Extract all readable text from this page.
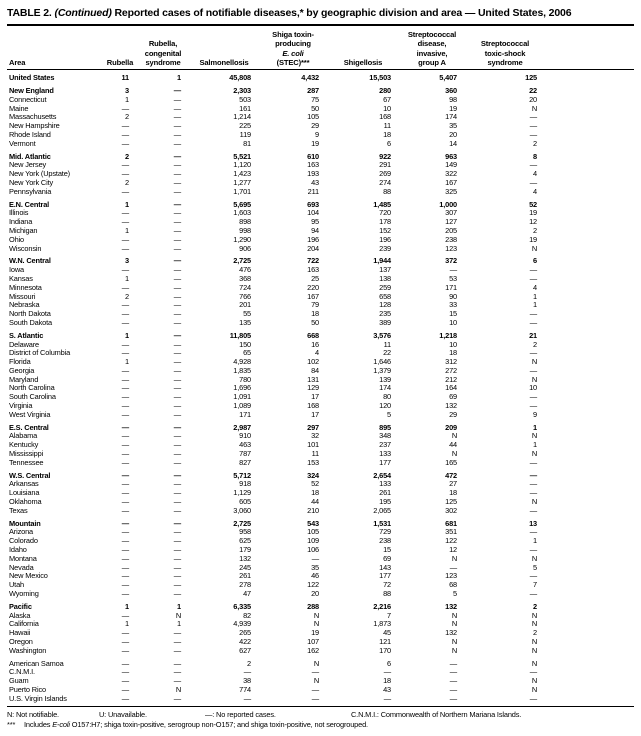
TABLE 2. (Continued) Reported cases of notifiable diseases,* by geographic division and area — United States, 2006
Area	Rubella	Rubella,
congenital
syndrome	Salmonellosis	Shiga toxin-
producing
E. coli
(STEC)***	Shigellosis	Streptococcal
disease,
invasive,
group A	Streptococcal
toxic-shock
syndrome	
United States	11	1	45,808	4,432	15,503	5,407	125	
New England	3	—	2,303	287	280	360	22	
Connecticut	1	—	503	75	67	98	20	
Maine	—	—	161	50	10	19	N	
Massachusetts	2	—	1,214	105	168	174	—	
New Hampshire	—	—	225	29	11	35	—	
Rhode Island	—	—	119	9	18	20	—	
Vermont	—	—	81	19	6	14	2	
Mid. Atlantic	2	—	5,521	610	922	963	8	
New Jersey	—	—	1,120	163	291	149	—	
New York (Upstate)	—	—	1,423	193	269	322	4	
New York City	2	—	1,277	43	274	167	—	
Pennsylvania	—	—	1,701	211	88	325	4	
E.N. Central	1	—	5,695	693	1,485	1,000	52	
Illinois	—	—	1,603	104	720	307	19	
Indiana	—	—	898	95	178	127	12	
Michigan	1	—	998	94	152	205	2	
Ohio	—	—	1,290	196	196	238	19	
Wisconsin	—	—	906	204	239	123	N	
W.N. Central	3	—	2,725	722	1,944	372	6	
Iowa	—	—	476	163	137	—	—	
Kansas	1	—	368	25	138	53	—	
Minnesota	—	—	724	220	259	171	4	
Missouri	2	—	766	167	658	90	1	
Nebraska	—	—	201	79	128	33	1	
North Dakota	—	—	55	18	235	15	—	
South Dakota	—	—	135	50	389	10	—	
S. Atlantic	1	—	11,805	668	3,576	1,218	21	
Delaware	—	—	150	16	11	10	2	
District of Columbia	—	—	65	4	22	18	—	
Florida	1	—	4,928	102	1,646	312	N	
Georgia	—	—	1,835	84	1,379	272	—	
Maryland	—	—	780	131	139	212	N	
North Carolina	—	—	1,696	129	174	164	10	
South Carolina	—	—	1,091	17	80	69	—	
Virginia	—	—	1,089	168	120	132	—	
West Virginia	—	—	171	17	5	29	9	
E.S. Central	—	—	2,987	297	895	209	1	
Alabama	—	—	910	32	348	N	N	
Kentucky	—	—	463	101	237	44	1	
Mississippi	—	—	787	11	133	N	N	
Tennessee	—	—	827	153	177	165	—	
W.S. Central	—	—	5,712	324	2,654	472	—	
Arkansas	—	—	918	52	133	27	—	
Louisiana	—	—	1,129	18	261	18	—	
Oklahoma	—	—	605	44	195	125	N	
Texas	—	—	3,060	210	2,065	302	—	
Mountain	—	—	2,725	543	1,531	681	13	
Arizona	—	—	958	105	729	351	—	
Colorado	—	—	625	109	238	122	1	
Idaho	—	—	179	106	15	12	—	
Montana	—	—	132	—	69	N	N	
Nevada	—	—	245	35	143	—	5	
New Mexico	—	—	261	46	177	123	—	
Utah	—	—	278	122	72	68	7	
Wyoming	—	—	47	20	88	5	—	
Pacific	1	1	6,335	288	2,216	132	2	
Alaska	—	N	82	N	7	N	N	
California	1	1	4,939	N	1,873	N	N	
Hawaii	—	—	265	19	45	132	2	
Oregon	—	—	422	107	121	N	N	
Washington	—	—	627	162	170	N	N	
American Samoa	—	—	2	N	6	—	N	
C.N.M.I.	—	—	—	—	—	—	—	
Guam	—	—	38	N	18	—	N	
Puerto Rico	—	N	774	—	43	—	N	
U.S. Virgin Islands	—	—	—	—	—	—	—	
N: Not notifiable.	U: Unavailable.	—: No reported cases.	C.N.M.I.: Commonwealth of Northern Mariana Islands.
*** Includes E-coli O157:H7; shiga toxin-positive, serogroup non-O157; and shiga toxin-positive, not serogrouped.
